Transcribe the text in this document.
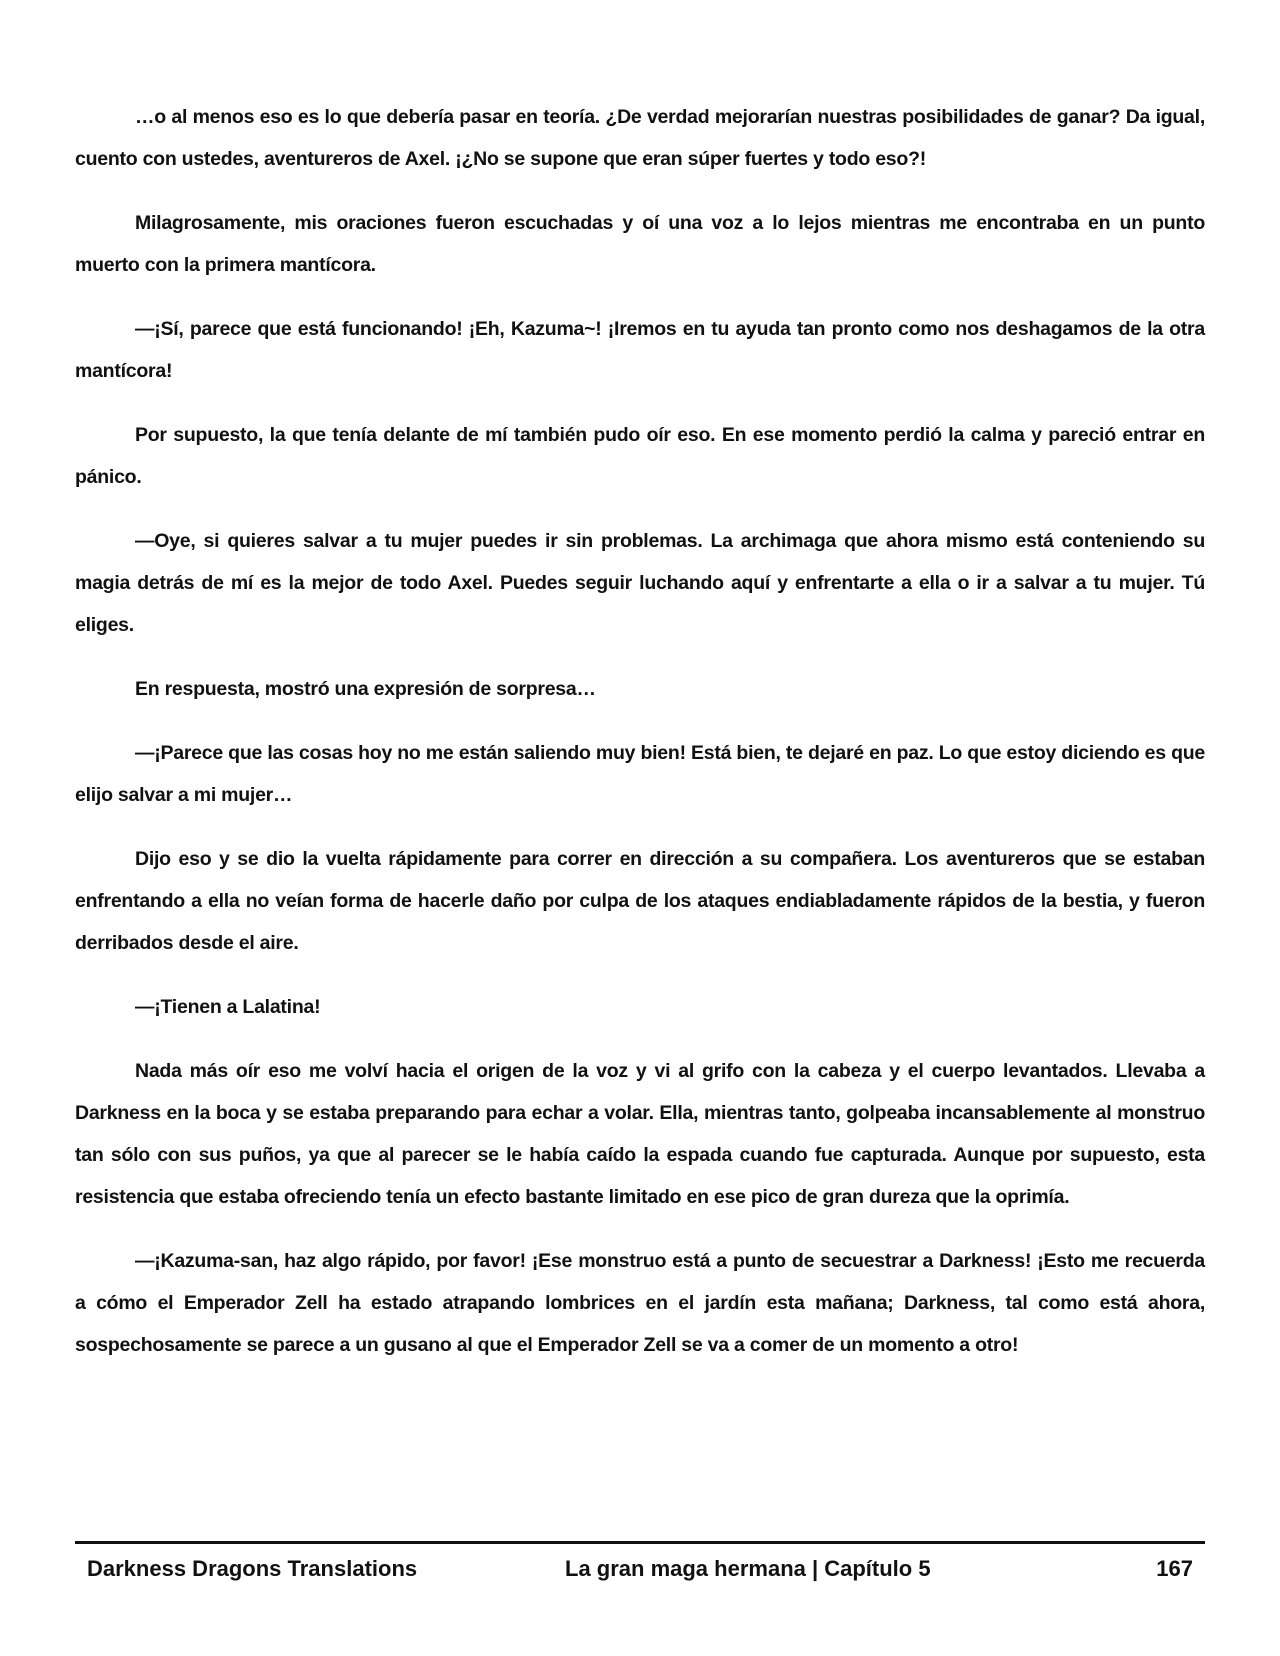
…o al menos eso es lo que debería pasar en teoría. ¿De verdad mejorarían nuestras posibilidades de ganar? Da igual, cuento con ustedes, aventureros de Axel. ¡¿No se supone que eran súper fuertes y todo eso?!

Milagrosamente, mis oraciones fueron escuchadas y oí una voz a lo lejos mientras me encontraba en un punto muerto con la primera mantícora.

—¡Sí, parece que está funcionando! ¡Eh, Kazuma~! ¡Iremos en tu ayuda tan pronto como nos deshagamos de la otra mantícora!

Por supuesto, la que tenía delante de mí también pudo oír eso. En ese momento perdió la calma y pareció entrar en pánico.

—Oye, si quieres salvar a tu mujer puedes ir sin problemas. La archimaga que ahora mismo está conteniendo su magia detrás de mí es la mejor de todo Axel. Puedes seguir luchando aquí y enfrentarte a ella o ir a salvar a tu mujer. Tú eliges.

En respuesta, mostró una expresión de sorpresa…

—¡Parece que las cosas hoy no me están saliendo muy bien! Está bien, te dejaré en paz. Lo que estoy diciendo es que elijo salvar a mi mujer…

Dijo eso y se dio la vuelta rápidamente para correr en dirección a su compañera. Los aventureros que se estaban enfrentando a ella no veían forma de hacerle daño por culpa de los ataques endiabladamente rápidos de la bestia, y fueron derribados desde el aire.

—¡Tienen a Lalatina!

Nada más oír eso me volví hacia el origen de la voz y vi al grifo con la cabeza y el cuerpo levantados. Llevaba a Darkness en la boca y se estaba preparando para echar a volar. Ella, mientras tanto, golpeaba incansablemente al monstruo tan sólo con sus puños, ya que al parecer se le había caído la espada cuando fue capturada. Aunque por supuesto, esta resistencia que estaba ofreciendo tenía un efecto bastante limitado en ese pico de gran dureza que la oprimía.

—¡Kazuma-san, haz algo rápido, por favor! ¡Ese monstruo está a punto de secuestrar a Darkness! ¡Esto me recuerda a cómo el Emperador Zell ha estado atrapando lombrices en el jardín esta mañana; Darkness, tal como está ahora, sospechosamente se parece a un gusano al que el Emperador Zell se va a comer de un momento a otro!

Darkness Dragons Translations	La gran maga hermana | Capítulo 5	167
